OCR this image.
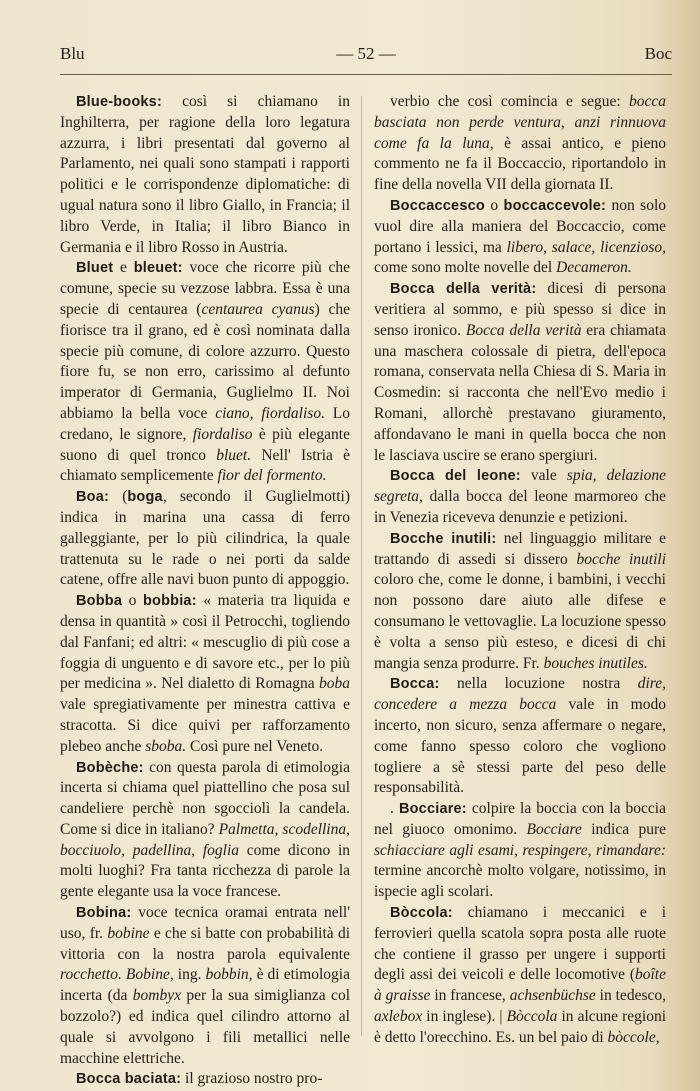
Blu	— 52 —	Boc

Blue-books: così si chiamano in Inghilterra, per ragione della loro legatura azzurra, i libri presentati dal governo al Parlamento, nei quali sono stampati i rapporti politici e le corrispondenze diplomatiche: di ugual natura sono il libro Giallo, in Francia; il libro Verde, in Italia; il libro Bianco in Germania e il libro Rosso in Austria.

Bluet e bleuet: voce che ricorre più che comune, specie su vezzose labbra. Essa è una specie di centaurea (centaurea cyanus) che fiorisce tra il grano, ed è così nominata dalla specie più comune, di colore azzurro. Questo fiore fu, se non erro, carissimo al defunto imperator di Germania, Guglielmo II. Noi abbiamo la bella voce ciano, fiordaliso. Lo credano, le signore, fiordaliso è più elegante suono di quel tronco bluet. Nell' Istria è chiamato semplicemente fior del formento.

Boa: (boga, secondo il Guglielmotti) indica in marina una cassa di ferro galleggiante, per lo più cilindrica, la quale trattenuta su le rade o nei porti da salde catene, offre alle navi buon punto di appoggio.

Bobba o bobbia: « materia tra liquida e densa in quantità » così il Petrocchi, togliendo dal Fanfani; ed altri: « mescuglio di più cose a foggia di unguento e di savore etc., per lo più per medicina ». Nel dialetto di Romagna boba vale spregiativamente per minestra cattiva e stracotta. Si dice quivi per rafforzamento plebeo anche sboba. Così pure nel Veneto.

Bobèche: con questa parola di etimologia incerta si chiama quel piattellino che posa sul candeliere perchè non sgocciolì la candela. Come si dice in italiano? Palmetta, scodellina, bocciuolo, padellina, foglia come dicono in molti luoghi? Fra tanta ricchezza di parole la gente elegante usa la voce francese.

Bobina: voce tecnica oramai entrata nell' uso, fr. bobine e che si batte con probabilità di vittoria con la nostra parola equivalente rocchetto. Bobine, ing. bobbin, è di etimologia incerta (da bombyx per la sua simiglianza col bozzolo?) ed indica quel cilindro attorno al quale si avvolgono i fili metallici nelle macchine elettriche.

Bocca baciata: il grazioso nostro pro-

verbio che così comincia e segue: bocca basciata non perde ventura, anzi rinnuova come fa la luna, è assai antico, e pieno commento ne fa il Boccaccio, riportandolo in fine della novella VII della giornata II.

Boccaccesco o boccaccevole: non solo vuol dire alla maniera del Boccaccio, come portano i lessici, ma libero, salace, licenzioso, come sono molte novelle del Decameron.

Bocca della verità: dicesi di persona veritiera al sommo, e più spesso si dice in senso ironico. Bocca della verità era chiamata una maschera colossale di pietra, dell'epoca romana, conservata nella Chiesa di S. Maria in Cosmedin: si racconta che nell'Evo medio i Romani, allorchè prestavano giuramento, affondavano le mani in quella bocca che non le lasciava uscire se erano spergiuri.

Bocca del leone: vale spia, delazione segreta, dalla bocca del leone marmoreo che in Venezia riceveva denunzie e petizioni.

Bocche inutili: nel linguaggio militare e trattando di assedi si dissero bocche inutili coloro che, come le donne, i bambini, i vecchi non possono dare aiuto alle difese e consumano le vettovaglie. La locuzione spesso è volta a senso più esteso, e dicesi di chi mangia senza produrre. Fr. bouches inutiles.

Bocca: nella locuzione nostra dire, concedere a mezza bocca vale in modo incerto, non sicuro, senza affermare o negare, come fanno spesso coloro che vogliono togliere a sè stessi parte del peso delle responsabilità.

. Bocciare: colpire la boccia con la boccia nel giuoco omonimo. Bocciare indica pure schiacciare agli esami, respingere, rimandare: termine ancorchè molto volgare, notissimo, in ispecie agli scolari.

Bòccola: chiamano i meccanici e i ferrovieri quella scatola sopra posta alle ruote che contiene il grasso per ungere i supporti degli assi dei veicoli e delle locomotive (boîte à graisse in francese, achsenbüchse in tedesco, axlebox in inglese). | Bòccola in alcune regioni è detto l'orecchino. Es. un bel paio di bòccole,
